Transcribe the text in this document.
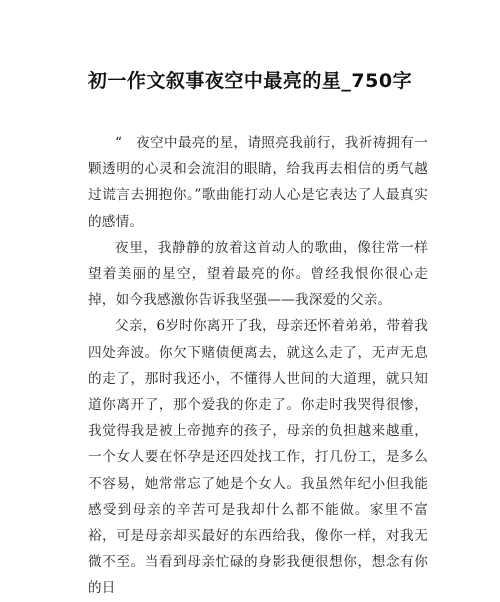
初一作文叙事夜空中最亮的星_750字

“　夜空中最亮的星，请照亮我前行，我祈祷拥有一颗透明的心灵和会流泪的眼睛，给我再去相信的勇气越过谎言去拥抱你。”歌曲能打动人心是它表达了人最真实的感情。

夜里，我静静的放着这首动人的歌曲，像往常一样望着美丽的星空，望着最亮的你。曾经我恨你很心走掉，如今我感激你告诉我坚强——我深爱的父亲。

父亲，6岁时你离开了我，母亲还怀着弟弟，带着我四处奔波。你欠下赌债便离去，就这么走了，无声无息的走了，那时我还小，不懂得人世间的大道理，就只知道你离开了，那个爱我的你走了。你走时我哭得很惨，我觉得我是被上帝抛弃的孩子，母亲的负担越来越重，一个女人要在怀孕是还四处找工作，打几份工，是多么不容易，她常常忘了她是个女人。我虽然年纪小但我能感受到母亲的辛苦可是我却什么都不能做。家里不富裕，可是母亲却买最好的东西给我，像你一样，对我无微不至。当看到母亲忙碌的身影我便很想你，想念有你的日
